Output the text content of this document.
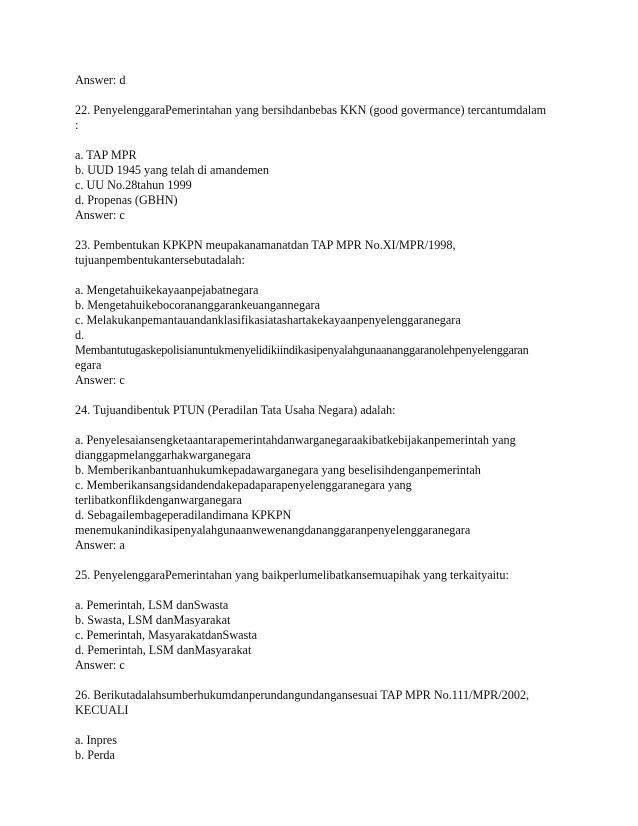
Answer: d
22. PenyelenggaraPemerintahan yang bersihdanbebas KKN (good govermance) tercantumdalam
:
a. TAP MPR
b. UUD 1945 yang telah di amandemen
c. UU No.28tahun 1999
d. Propenas (GBHN)
Answer: c
23. Pembentukan KPKPN meupakanamanatdan TAP MPR No.XI/MPR/1998,
tujuanpembentukantersebutadalah:
a. Mengetahuikekayaanpejabatnegara
b. Mengetahuikebocorananggarankeuangannegara
c. Melakukanpemantauandanklasifikasiatashartakekayaanpenyelenggaranegara
d.
Membantutugaskepolisianuntukmenyelidikiindikasipenyalahgunaananggaranolehpenyelenggaran
egara
Answer: c
24. Tujuandibentuk PTUN (Peradilan Tata Usaha Negara) adalah:
a. Penyelesaiansengketaantarapemerintahdanwarganegaraakibatkebijakanpemerintah yang
dianggapmelanggarhakwarganegara
b. Memberikanbantuanhukumkepadawarganegara yang beselisihdenganpemerintah
c. Memberikansangsidandendakepadaparapenyelenggaranegara yang
terlibatkonflikdenganwarganegara
d. Sebagailembageperadilandimana KPKPN
menemukanindikasipenyalahgunaanwewenangdananggaranpenyelenggaranegara
Answer: a
25. PenyelenggaraPemerintahan yang baikperlumelibatkansemuapihak yang terkaityaitu:
a. Pemerintah, LSM danSwasta
b. Swasta, LSM danMasyarakat
c. Pemerintah, MasyarakatdanSwasta
d. Pemerintah, LSM danMasyarakat
Answer: c
26. Berikutadalahsumberhukumdanperundangundangansesuai TAP MPR No.111/MPR/2002,
KECUALI
a. Inpres
b. Perda
